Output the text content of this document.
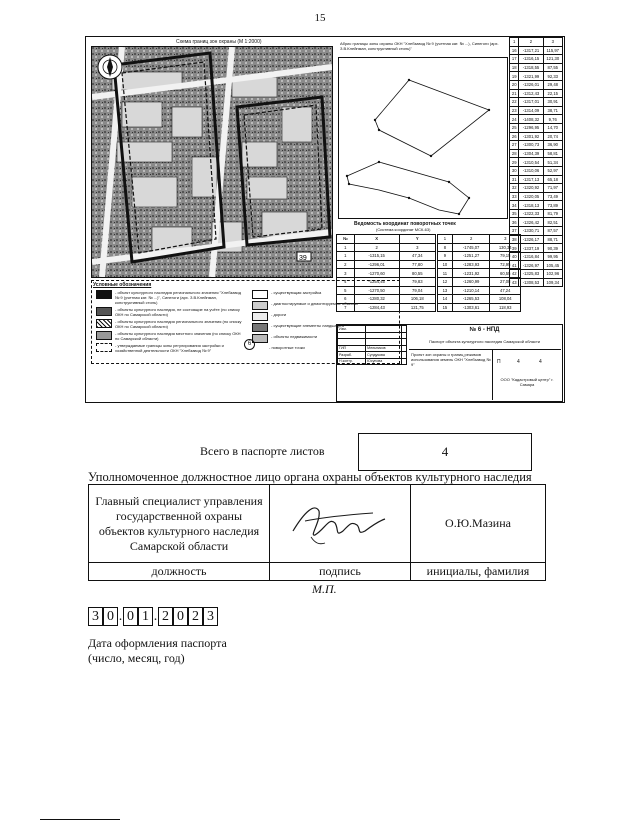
15
Схема границ зон охраны (М 1:2000)
39
Абрис границы зоны охраны ОКН "Хлебзавод № 9 (учетная кат. № ...), Синегоги (арх. З.В.Клейнман, конструктивный стиль)"
Ведомость координат поворотных точек
(Система координат МСК-63)
№	X	Y
1	2	3
1	-1315,15	47,34
2	-1296,01	77,80
3	-1270,60	80,55
4	-1254,45	79,83
5	-1270,50	79,04
6	-1280,32	106,18
7	-1284,43	121,75
1	2	3
8	-1745,07	130,34
9	-1251,27	79,15
10	-1283,93	72,95
11	-1231,92	60,55
12	-1260,99	27,08
13	-1210,14	47,24
14	-1265,53	108,04
15	-1303,61	118,93
1	2	3
16	-1317,21	115,97
17	-1316,15	121,30
18	-1318,55	87,55
19	-1321,99	92,33
20	-1326,01	29,48
21	-1312,43	22,15
22	-1317,01	30,91
23	-1314,09	38,71
24	-1408,32	9,76
25	-1296,95	14,70
26	-1301,92	20,74
27	-1300,73	36,90
28	-1304,39	58,81
29	-1310,54	51,34
30	-1310,06	52,97
31	-1317,13	65,18
32	-1320,92	71,97
33	-1320,05	73,49
34	-1318,13	73,89
35	-1322,33	81,79
36	-1326,42	82,51
37	-1330,71	87,57
38	-1326,17	88,71
39	-1337,19	90,39
40	-1316,84	99,95
41	-1326,97	105,45
42	-1325,83	102,96
43	-1308,53	109,34
Условные обозначения
- объект культурного наследия регионального значения "Хлебзавод № 9 (учетная кат. № ...)", Синегоги (арх. З.В.Клейнман, конструктивный стиль)
- объекты культурного наследия, не состоящие на учёте (по списку ОКН по Самарской области)
- объекты культурного наследия регионального значения (по списку ОКН по Самарской области)
- объекты культурного наследия местного значения (по списку ОКН по Самарской области)
- утверждаемые границы зоны регулирования застройки и хозяйственной деятельности ОКН "Хлебзавод № 9"
- существующая застройка
- диагностируемые и демонтируемые объекты
- дороги
- существующие элементы ландшафта
- объекты недвижимости
- поворотные точки
6
Изм.		

ГИП	Мельников	
Разраб.	Сундукова	
Н.контр.	Юсупова	
№ 6 - НПД
Паспорт объекта культурного наследия Самарской области
Проект зон охраны и границ режимов использования земель ОКН "Хлебзавод № 9"	П	4	4
ООО "Кадастровый центр" г. Самара
Всего в паспорте листов	4
Уполномоченное должностное лицо органа охраны объектов культурного наследия
Главный специалист управления государственной охраны объектов культурного наследия Самарской области		О.Ю.Мазина
должность	подпись	инициалы, фамилия
М.П.
3 0 . 0 1 . 2 0 2 3
Дата оформления паспорта
(число, месяц, год)
